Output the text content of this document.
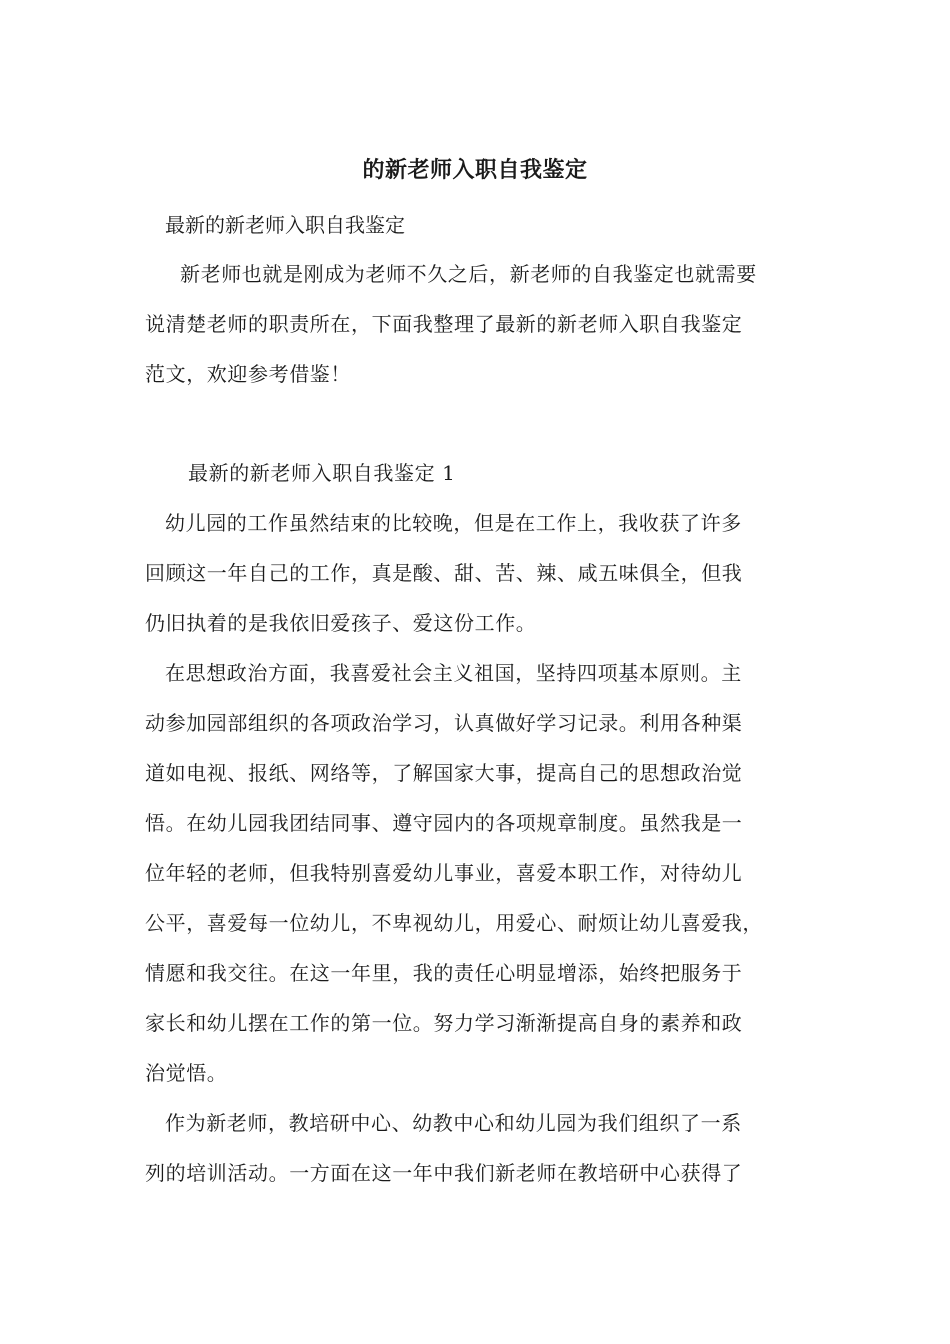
的新老师入职自我鉴定
最新的新老师入职自我鉴定
新老师也就是刚成为老师不久之后，新老师的自我鉴定也就需要
说清楚老师的职责所在，下面我整理了最新的新老师入职自我鉴定
范文，欢迎参考借鉴！
最新的新老师入职自我鉴定 1
幼儿园的工作虽然结束的比较晚，但是在工作上，我收获了许多
回顾这一年自己的工作，真是酸、甜、苦、辣、咸五味俱全，但我
仍旧执着的是我依旧爱孩子、爱这份工作。
在思想政治方面，我喜爱社会主义祖国，坚持四项基本原则。主
动参加园部组织的各项政治学习，认真做好学习记录。利用各种渠
道如电视、报纸、网络等，了解国家大事，提高自己的思想政治觉
悟。在幼儿园我团结同事、遵守园内的各项规章制度。虽然我是一
位年轻的老师，但我特别喜爱幼儿事业，喜爱本职工作，对待幼儿
公平，喜爱每一位幼儿，不卑视幼儿，用爱心、耐烦让幼儿喜爱我，
情愿和我交往。在这一年里，我的责任心明显增添，始终把服务于
家长和幼儿摆在工作的第一位。努力学习渐渐提高自身的素养和政
治觉悟。
作为新老师，教培研中心、幼教中心和幼儿园为我们组织了一系
列的培训活动。一方面在这一年中我们新老师在教培研中心获得了
